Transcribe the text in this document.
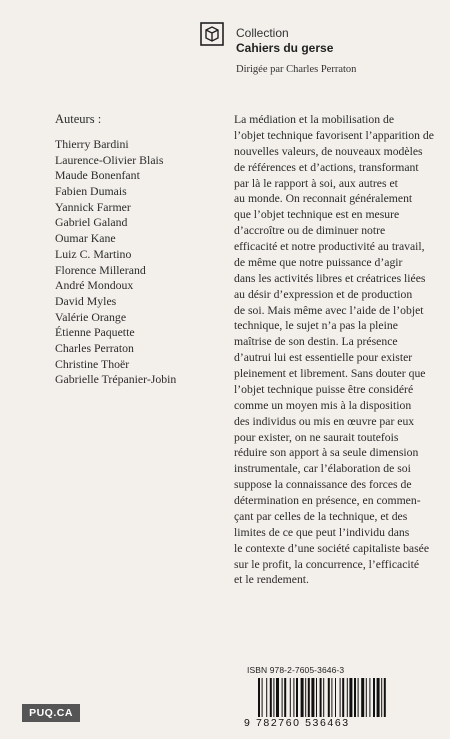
Collection
Cahiers du gerse
Dirigée par Charles Perraton
Auteurs :
Thierry Bardini
Laurence-Olivier Blais
Maude Bonenfant
Fabien Dumais
Yannick Farmer
Gabriel Galand
Oumar Kane
Luiz C. Martino
Florence Millerand
André Mondoux
David Myles
Valérie Orange
Étienne Paquette
Charles Perraton
Christine Thoër
Gabrielle Trépanier-Jobin
La médiation et la mobilisation de
l’objet technique favorisent l’apparition de
nouvelles valeurs, de nouveaux modèles
de références et d’actions, transformant
par là le rapport à soi, aux autres et
au monde. On reconnait généralement
que l’objet technique est en mesure
d’accroître ou de diminuer notre
efficacité et notre productivité au travail,
de même que notre puissance d’agir
dans les activités libres et créatrices liées
au désir d’expression et de production
de soi. Mais même avec l’aide de l’objet
technique, le sujet n’a pas la pleine
maîtrise de son destin. La présence
d’autrui lui est essentielle pour exister
pleinement et librement. Sans douter que
l’objet technique puisse être considéré
comme un moyen mis à la disposition
des individus ou mis en œuvre par eux
pour exister, on ne saurait toutefois
réduire son apport à sa seule dimension
instrumentale, car l’élaboration de soi
suppose la connaissance des forces de
détermination en présence, en commen-
çant par celles de la technique, et des
limites de ce que peut l’individu dans
le contexte d’une société capitaliste basée
sur le profit, la concurrence, l’efficacité
et le rendement.
ISBN 978-2-7605-3646-3
9 782760 536463
PUQ.CA
